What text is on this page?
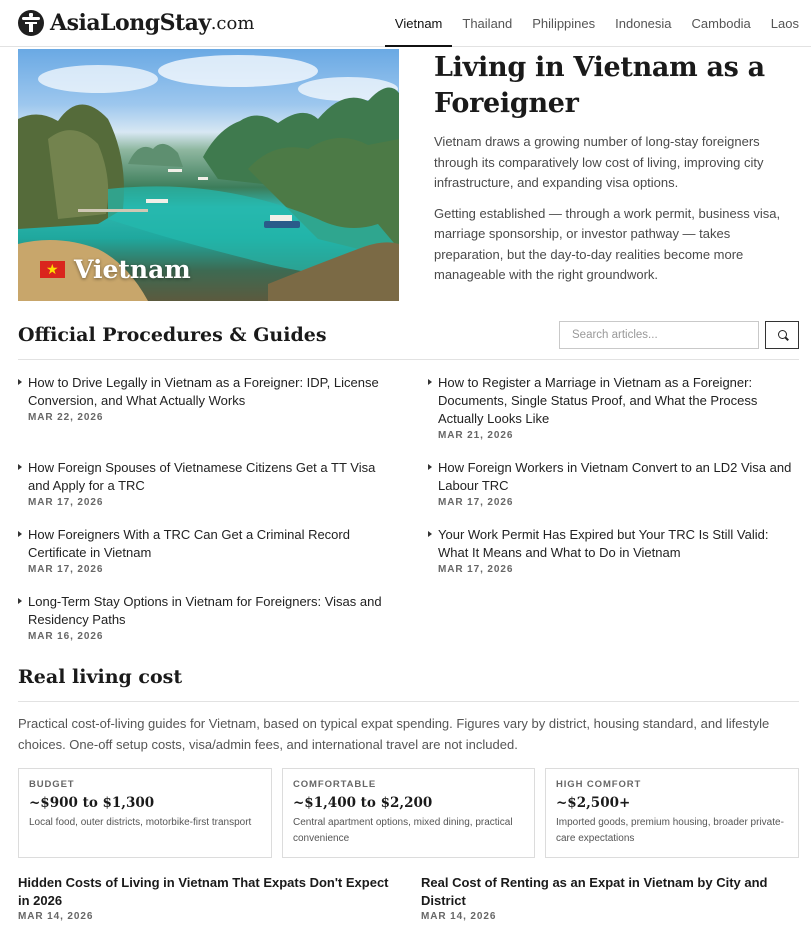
AsiaLongStay .com	Vietnam	Thailand	Philippines	Indonesia	Cambodia	Laos
★
Vietnam
Living in Vietnam as a Foreigner

Vietnam draws a growing number of long-stay foreigners through its comparatively low cost of living, improving city infrastructure, and expanding visa options.

Getting established — through a work permit, business visa, marriage sponsorship, or investor pathway — takes preparation, but the day-to-day realities become more manageable with the right groundwork.

Official Procedures & Guides
Search articles...
How to Drive Legally in Vietnam as a Foreigner: IDP, License Conversion, and What Actually Works
MAR 22, 2026
How to Register a Marriage in Vietnam as a Foreigner: Documents, Single Status Proof, and What the Process Actually Looks Like
MAR 21, 2026
How Foreign Spouses of Vietnamese Citizens Get a TT Visa and Apply for a TRC
MAR 17, 2026
How Foreign Workers in Vietnam Convert to an LD2 Visa and Labour TRC
MAR 17, 2026
How Foreigners With a TRC Can Get a Criminal Record Certificate in Vietnam
MAR 17, 2026
Your Work Permit Has Expired but Your TRC Is Still Valid: What It Means and What to Do in Vietnam
MAR 17, 2026
Long-Term Stay Options in Vietnam for Foreigners: Visas and Residency Paths
MAR 16, 2026
Real living cost

Practical cost-of-living guides for Vietnam, based on typical expat spending. Figures vary by district, housing standard, and lifestyle choices. One-off setup costs, visa/admin fees, and international travel are not included.

BUDGET
~$900 to $1,300
Local food, outer districts, motorbike-first transport
COMFORTABLE
~$1,400 to $2,200
Central apartment options, mixed dining, practical convenience
HIGH COMFORT
~$2,500+
Imported goods, premium housing, broader private-care expectations
Hidden Costs of Living in Vietnam That Expats Don't Expect in 2026
MAR 14, 2026
Real Cost of Renting as an Expat in Vietnam by City and District
MAR 14, 2026
